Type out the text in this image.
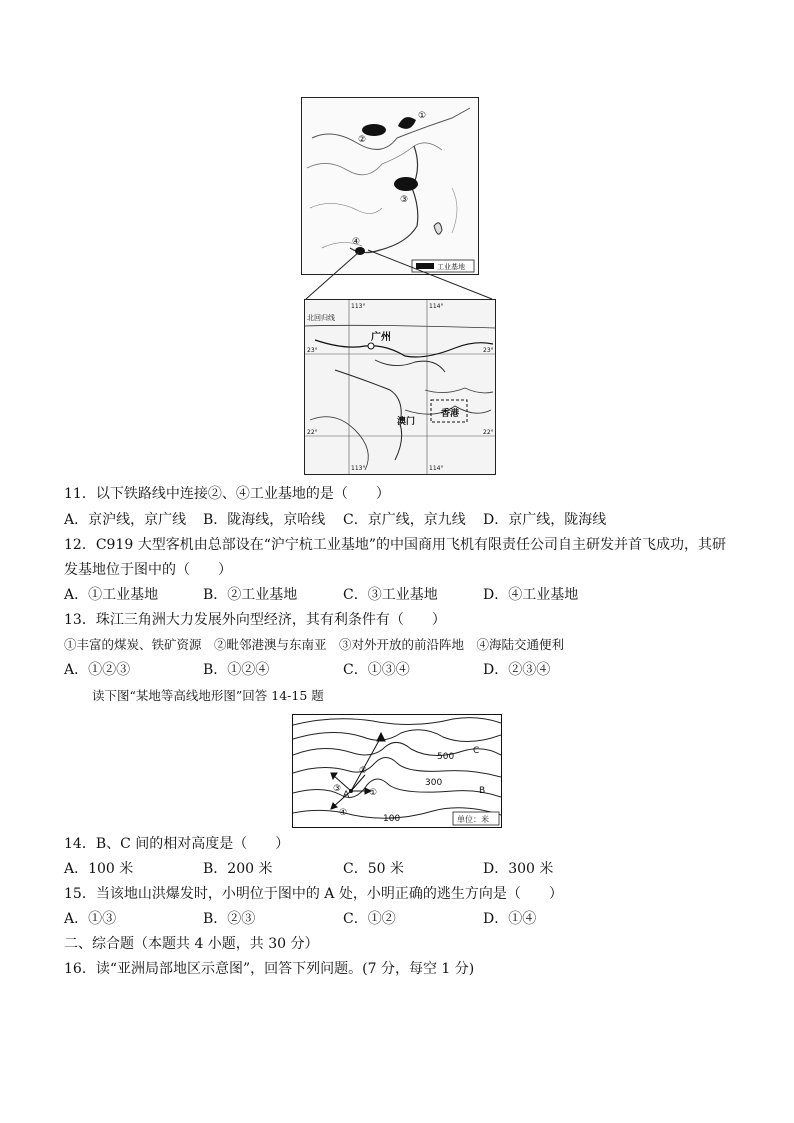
①
②
③
④
工业基地
北回归线
广州
澳门
香港
113°	114°
23°	23°
22°	22°
113°	114°
11．以下铁路线中连接②、④工业基地的是（　　）
A．京沪线，京广线 B．陇海线，京哈线 C．京广线，京九线 D．京广线，陇海线
12．C919 大型客机由总部设在“沪宁杭工业基地”的中国商用飞机有限责任公司自主研发并首飞成功，其研
发基地位于图中的（　　）
A．①工业基地	B．②工业基地	C．③工业基地	D．④工业基地
13．珠江三角洲大力发展外向型经济，其有利条件有（　　）
①丰富的煤炭、铁矿资源　②毗邻港澳与东南亚　③对外开放的前沿阵地　④海陆交通便利
A．①②③	B．①②④	C．①③④	D．②③④
读下图“某地等高线地形图”回答 14-15 题
500
300
100
B
C
A ①
②
③
④
单位：米
14．B、C 间的相对高度是（　　）
A．100 米	B．200 米	C．50 米	D．300 米
15．当该地山洪爆发时，小明位于图中的 A 处，小明正确的逃生方向是（　　）
A．①③	B．②③	C．①②	D．①④
二、综合题（本题共 4 小题，共 30 分）
16．读“亚洲局部地区示意图”，回答下列问题。(7 分，每空 1 分)
